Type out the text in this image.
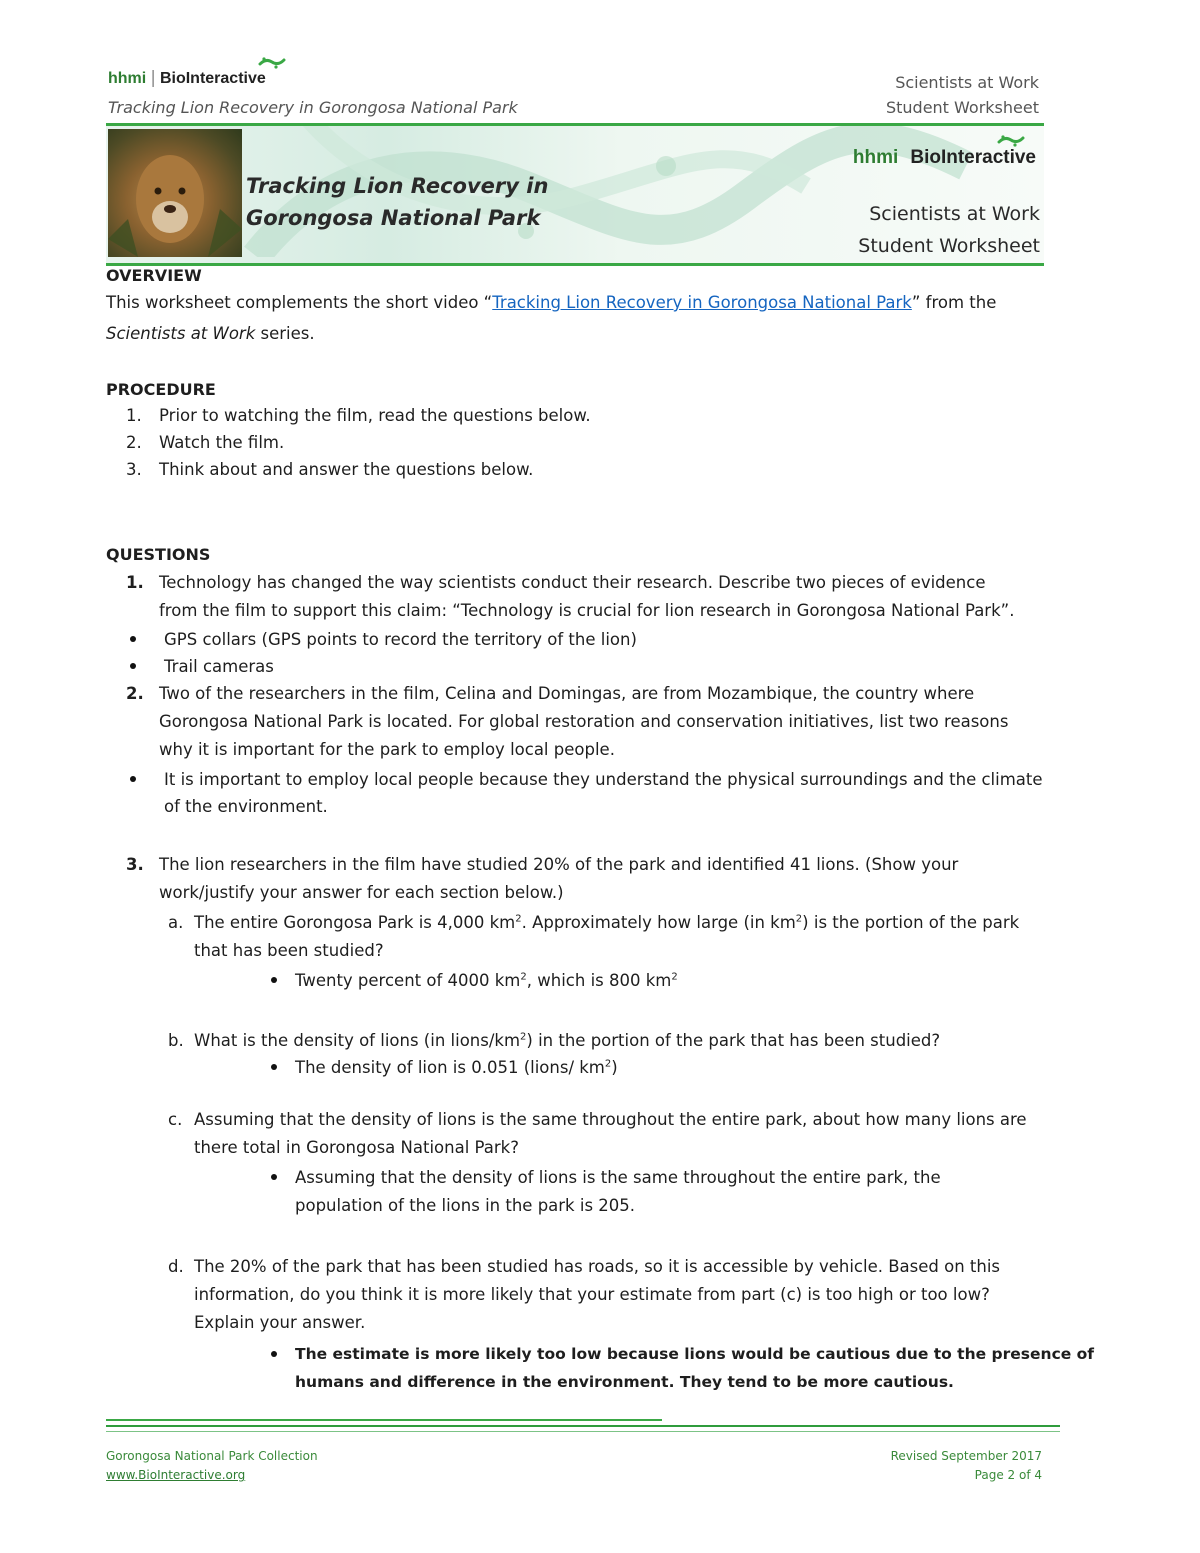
hhmi | BioInteractive
Tracking Lion Recovery in Gorongosa National Park
Scientists at Work
Student Worksheet
Tracking Lion Recovery in
Gorongosa National Park
hhmi BioInteractive
Scientists at Work
Student Worksheet
OVERVIEW
This worksheet complements the short video “Tracking Lion Recovery in Gorongosa National Park” from the
Scientists at Work series.
PROCEDURE
1.	Prior to watching the film, read the questions below.
2.	Watch the film.
3.	Think about and answer the questions below.
QUESTIONS
1. Technology has changed the way scientists conduct their research. Describe two pieces of evidence
from the film to support this claim: “Technology is crucial for lion research in Gorongosa National Park”.
GPS collars (GPS points to record the territory of the lion)
Trail cameras
2. Two of the researchers in the film, Celina and Domingas, are from Mozambique, the country where
Gorongosa National Park is located. For global restoration and conservation initiatives, list two reasons
why it is important for the park to employ local people.
It is important to employ local people because they understand the physical surroundings and the climate
of the environment.
3. The lion researchers in the film have studied 20% of the park and identified 41 lions. (Show your
work/justify your answer for each section below.)
a. The entire Gorongosa Park is 4,000 $km^2$. Approximately how large (in $km^2$) is the portion of the park
that has been studied?
Twenty percent of 4000 $km^2$, which is 800 $km^2$
b. What is the density of lions (in lions/$km^2$) in the portion of the park that has been studied?
The density of lion is 0.051 (lions/ $km^2$)
c. Assuming that the density of lions is the same throughout the entire park, about how many lions are
there total in Gorongosa National Park?
Assuming that the density of lions is the same throughout the entire park, the
population of the lions in the park is 205.
d. The 20% of the park that has been studied has roads, so it is accessible by vehicle. Based on this
information, do you think it is more likely that your estimate from part (c) is too high or too low?
Explain your answer.
The estimate is more likely too low because lions would be cautious due to the presence of
humans and difference in the environment. They tend to be more cautious.
Gorongosa National Park Collection
www.BioInteractive.org
Revised September 2017
Page 2 of 4
